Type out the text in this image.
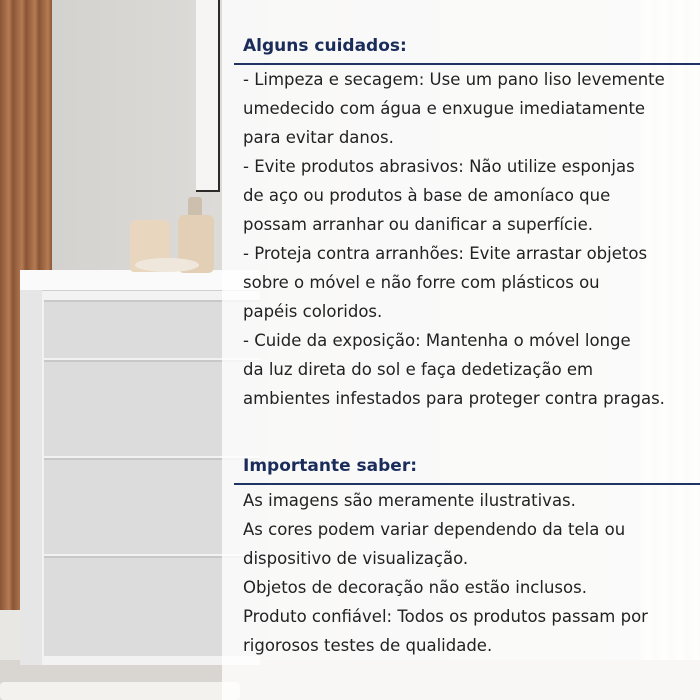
Alguns cuidados:
- Limpeza e secagem: Use um pano liso levemente
umedecido com água e enxugue imediatamente
para evitar danos.
- Evite produtos abrasivos: Não utilize esponjas
de aço ou produtos à base de amoníaco que
possam arranhar ou danificar a superfície.
- Proteja contra arranhões: Evite arrastar objetos
sobre o móvel e não forre com plásticos ou
papéis coloridos.
- Cuide da exposição: Mantenha o móvel longe
da luz direta do sol e faça dedetização em
ambientes infestados para proteger contra pragas.
Importante saber:
As imagens são meramente ilustrativas.
As cores podem variar dependendo da tela ou
dispositivo de visualização.
Objetos de decoração não estão inclusos.
Produto confiável: Todos os produtos passam por
rigorosos testes de qualidade.
